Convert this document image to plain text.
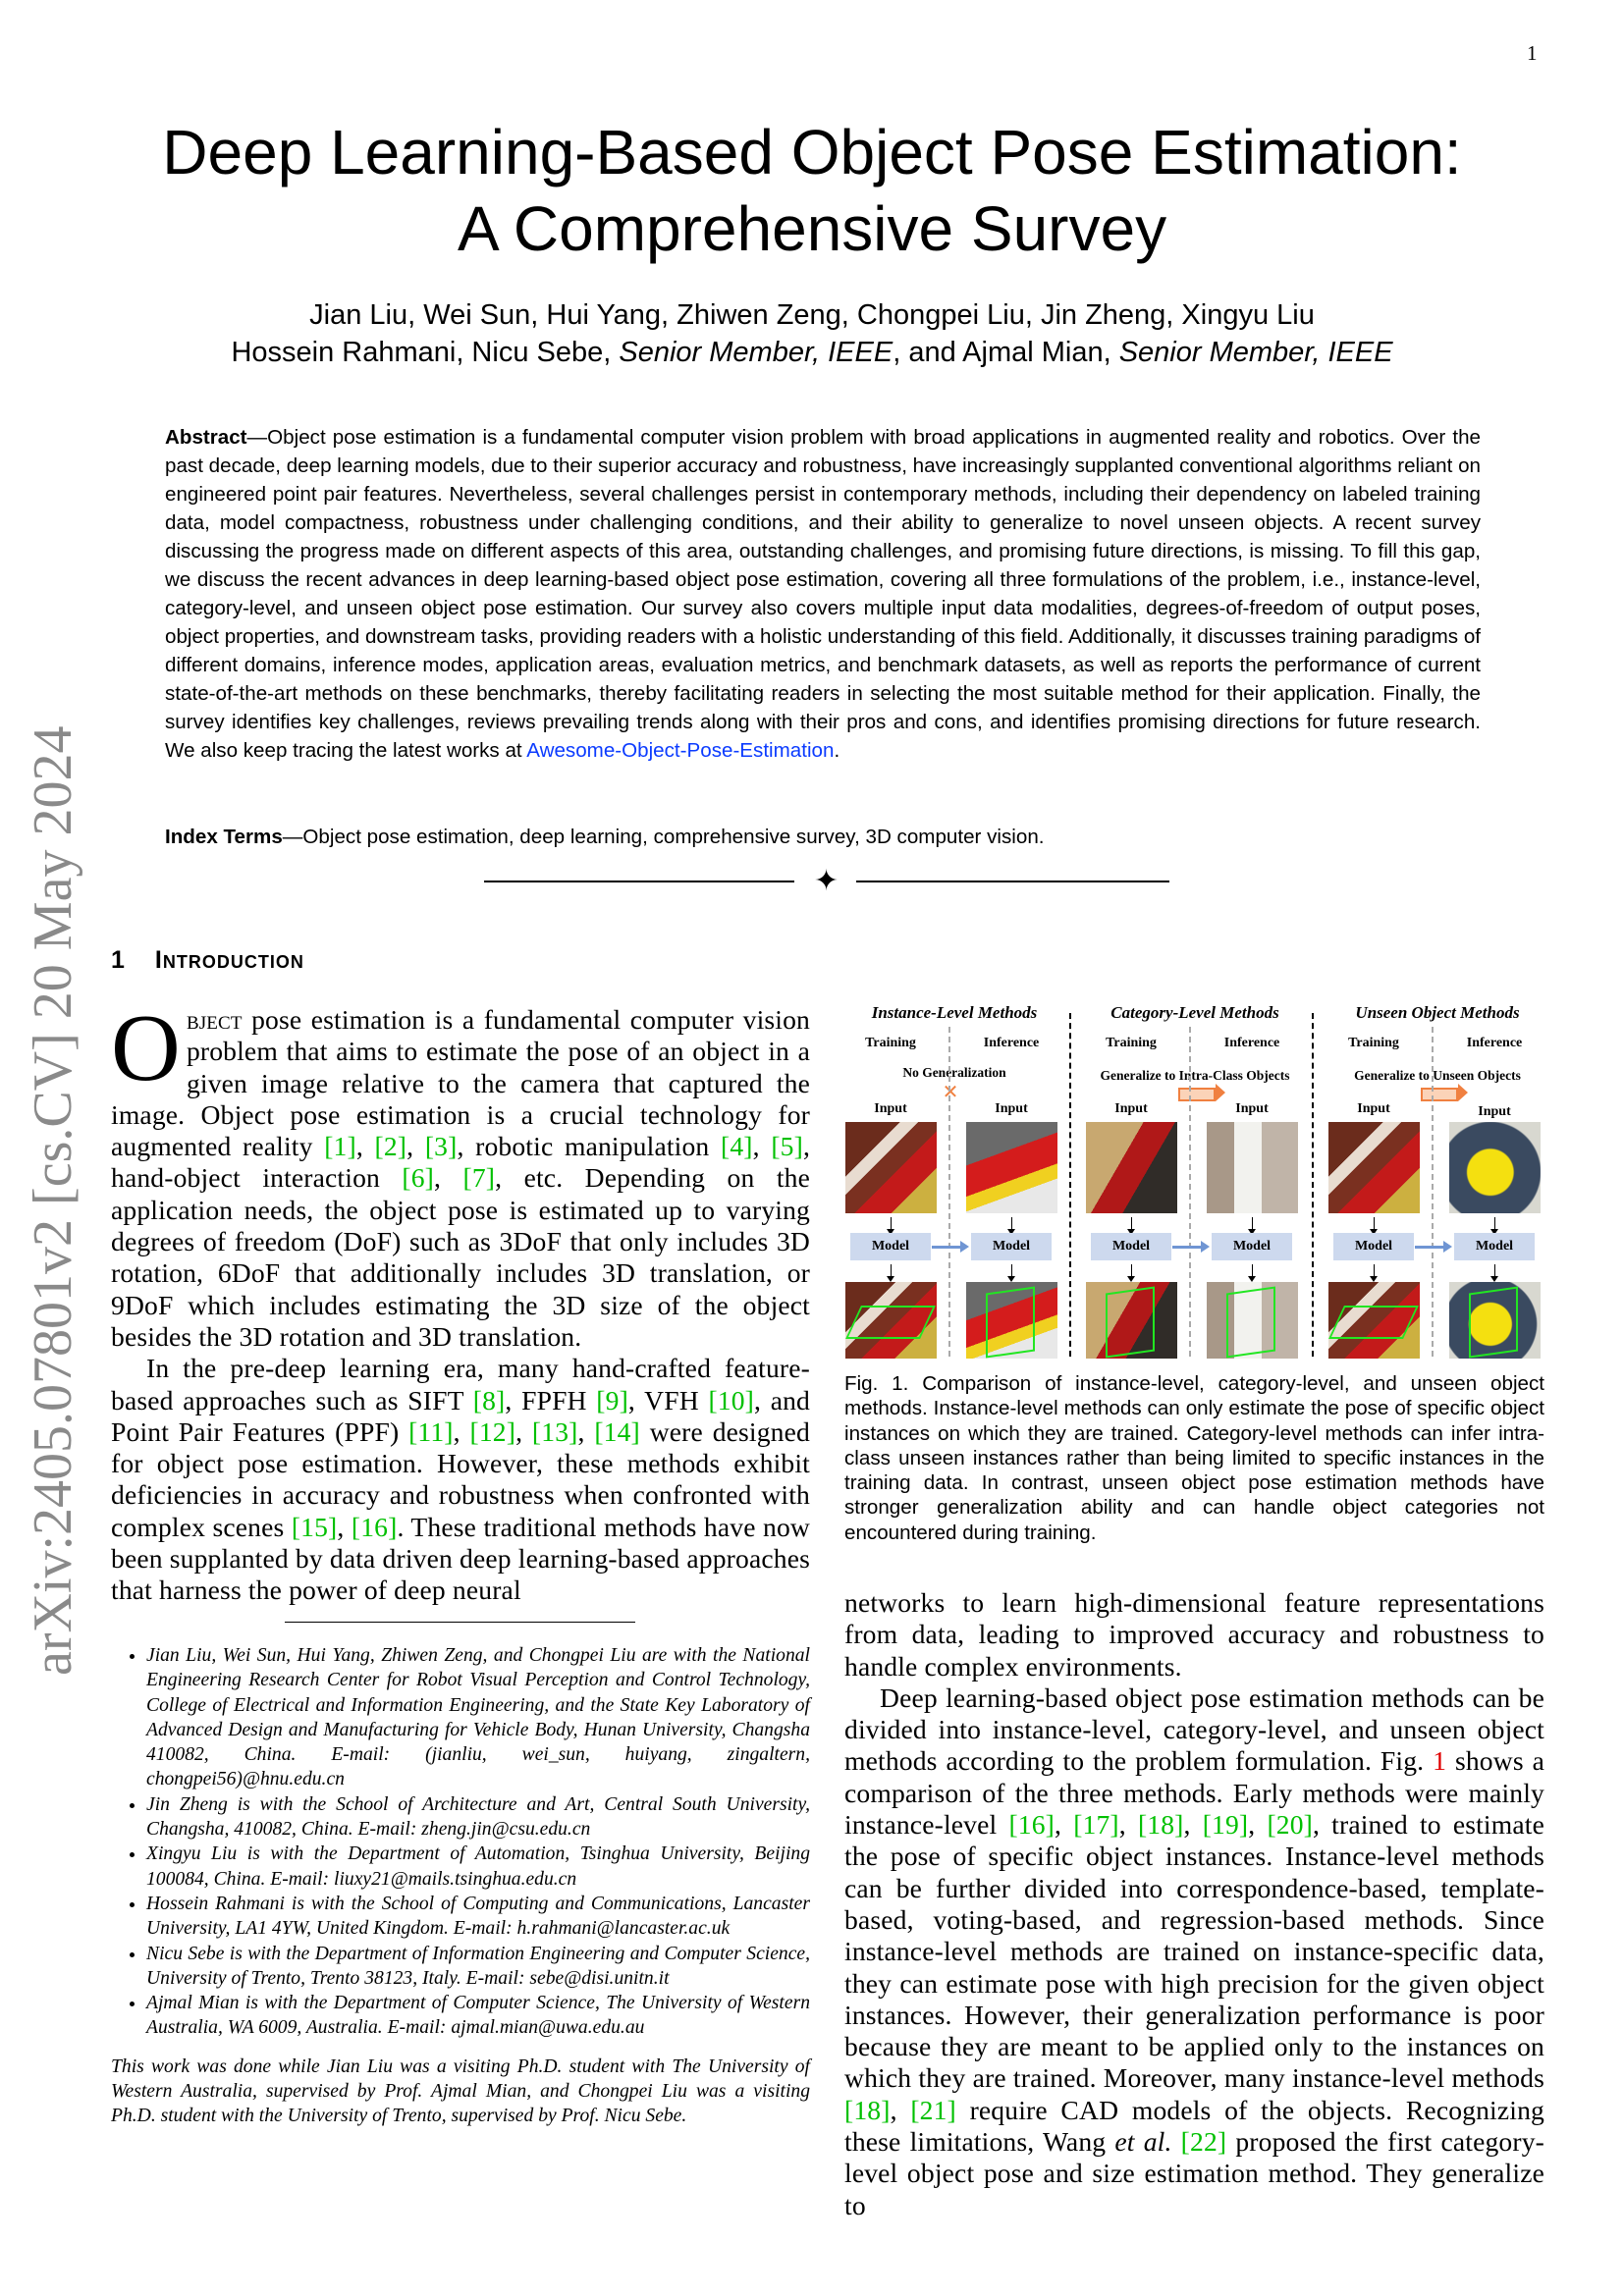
1
Deep Learning-Based Object Pose Estimation:
A Comprehensive Survey
Jian Liu, Wei Sun, Hui Yang, Zhiwen Zeng, Chongpei Liu, Jin Zheng, Xingyu Liu
Hossein Rahmani, Nicu Sebe, Senior Member, IEEE, and Ajmal Mian, Senior Member, IEEE
Abstract—Object pose estimation is a fundamental computer vision problem with broad applications in augmented reality and robotics. Over the past decade, deep learning models, due to their superior accuracy and robustness, have increasingly supplanted conventional algorithms reliant on engineered point pair features. Nevertheless, several challenges persist in contemporary methods, including their dependency on labeled training data, model compactness, robustness under challenging conditions, and their ability to generalize to novel unseen objects. A recent survey discussing the progress made on different aspects of this area, outstanding challenges, and promising future directions, is missing. To fill this gap, we discuss the recent advances in deep learning-based object pose estimation, covering all three formulations of the problem, i.e., instance-level, category-level, and unseen object pose estimation. Our survey also covers multiple input data modalities, degrees-of-freedom of output poses, object properties, and downstream tasks, providing readers with a holistic understanding of this field. Additionally, it discusses training paradigms of different domains, inference modes, application areas, evaluation metrics, and benchmark datasets, as well as reports the performance of current state-of-the-art methods on these benchmarks, thereby facilitating readers in selecting the most suitable method for their application. Finally, the survey identifies key challenges, reviews prevailing trends along with their pros and cons, and identifies promising directions for future research. We also keep tracing the latest works at Awesome-Object-Pose-Estimation.
Index Terms—Object pose estimation, deep learning, comprehensive survey, 3D computer vision.
✦
1 Introduction
arXiv:2405.07801v2 [cs.CV] 20 May 2024 Object pose estimation is a fundamental computer vision problem that aims to estimate the pose of an object in a given image relative to the camera that captured the image. Object pose estimation is a crucial technology for augmented reality [1], [2], [3], robotic manipulation [4], [5], hand-object interaction [6], [7], etc. Depending on the application needs, the object pose is estimated up to varying degrees of freedom (DoF) such as 3DoF that only includes 3D rotation, 6DoF that additionally includes 3D translation, or 9DoF which includes estimating the 3D size of the object besides the 3D rotation and 3D translation.

In the pre-deep learning era, many hand-crafted feature-based approaches such as SIFT [8], FPFH [9], VFH [10], and Point Pair Features (PPF) [11], [12], [13], [14] were designed for object pose estimation. However, these methods exhibit deficiencies in accuracy and robustness when confronted with complex scenes [15], [16]. These traditional methods have now been supplanted by data driven deep learning-based approaches that harness the power of deep neural

• Jian Liu, Wei Sun, Hui Yang, Zhiwen Zeng, and Chongpei Liu are with the National Engineering Research Center for Robot Visual Perception and Control Technology, College of Electrical and Information Engineering, and the State Key Laboratory of Advanced Design and Manufacturing for Vehicle Body, Hunan University, Changsha 410082, China. E-mail: (jianliu, wei_sun, huiyang, zingaltern, chongpei56)@hnu.edu.cn
• Jin Zheng is with the School of Architecture and Art, Central South University, Changsha, 410082, China. E-mail: zheng.jin@csu.edu.cn
• Xingyu Liu is with the Department of Automation, Tsinghua University, Beijing 100084, China. E-mail: liuxy21@mails.tsinghua.edu.cn
• Hossein Rahmani is with the School of Computing and Communications, Lancaster University, LA1 4YW, United Kingdom. E-mail: h.rahmani@lancaster.ac.uk
• Nicu Sebe is with the Department of Information Engineering and Computer Science, University of Trento, Trento 38123, Italy. E-mail: sebe@disi.unitn.it
• Ajmal Mian is with the Department of Computer Science, The University of Western Australia, WA 6009, Australia. E-mail: ajmal.mian@uwa.edu.au

This work was done while Jian Liu was a visiting Ph.D. student with The University of Western Australia, supervised by Prof. Ajmal Mian, and Chongpei Liu was a visiting Ph.D. student with the University of Trento, supervised by Prof. Nicu Sebe.

Instance-Level Methods
Training	Inference
No Generalization
✕
Input	Input
Model	Model
Category-Level Methods
Training	Inference
Generalize to Intra-Class Objects
Input	Input
Model	Model
Unseen Object Methods
Training	Inference
Generalize to Unseen Objects
Input	Input
Model	Model
Fig. 1. Comparison of instance-level, category-level, and unseen object methods. Instance-level methods can only estimate the pose of specific object instances on which they are trained. Category-level methods can infer intra-class unseen instances rather than being limited to specific instances in the training data. In contrast, unseen object pose estimation methods have stronger generalization ability and can handle object categories not encountered during training.

networks to learn high-dimensional feature representations from data, leading to improved accuracy and robustness to handle complex environments.

Deep learning-based object pose estimation methods can be divided into instance-level, category-level, and unseen object methods according to the problem formulation. Fig. 1 shows a comparison of the three methods. Early methods were mainly instance-level [16], [17], [18], [19], [20], trained to estimate the pose of specific object instances. Instance-level methods can be further divided into correspondence-based, template-based, voting-based, and regression-based methods. Since instance-level methods are trained on instance-specific data, they can estimate pose with high precision for the given object instances. However, their generalization performance is poor because they are meant to be applied only to the instances on which they are trained. Moreover, many instance-level methods [18], [21] require CAD models of the objects. Recognizing these limitations, Wang et al. [22] proposed the first category-level object pose and size estimation method. They generalize to
